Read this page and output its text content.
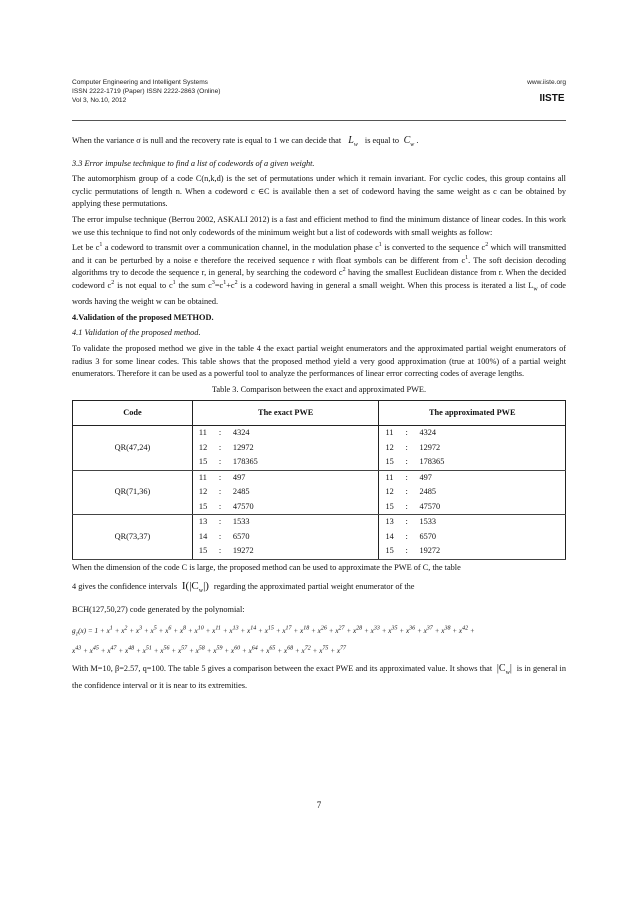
Computer Engineering and Intelligent Systems
ISSN 2222-1719 (Paper) ISSN 2222-2863 (Online)
Vol 3, No.10, 2012
www.iiste.org
IISTE

When the variance σ is null and the recovery rate is equal to 1 we can decide that   $L_w$ is equal to  $C_w$ .

3.3 Error impulse technique to find a list of codewords of a given weight.

The automorphism group of a code C(n,k,d) is the set of permutations under which it remain invariant. For cyclic codes, this group contains all cyclic permutations of length n. When a codeword c ∈C is available then a set of codeword having the same weight as c can be obtained by applying these permutations.

The error impulse technique (Berrou 2002, ASKALI 2012) is a fast and efficient method to find the minimum distance of linear codes. In this work we use this technique to find not only codewords of the minimum weight but a list of codewords with small weights as follow:

Let be $c^1$ a codeword to transmit over a communication channel, in the modulation phase $c^1$ is converted to the sequence $c^2$ which will transmitted and it can be perturbed by a noise e therefore the received sequence r with float symbols can be different from $c^1$. The soft decision decoding algorithms try to decode the sequence r, in general, by searching the codeword $c^2$ having the smallest Euclidean distance from r. When the decided codeword $c^2$ is not equal to $c^1$ the sum $c^3=c^1+c^2$ is a codeword having in general a small weight. When this process is iterated a list $L_w$ of code words having the weight w can be obtained.

4.Validation of the proposed METHOD.

4.1 Validation of the proposed method.

To validate the proposed method we give in the table 4 the exact partial weight enumerators and the approximated partial weight enumerators of radius 3 for some linear codes. This table shows that the proposed method yield a very good approximation (true at 100%) of a partial weight enumerators. Therefore it can be used as a powerful tool to analyze the performances of linear error correcting codes of average lengths.

Table 3. Comparison between the exact and approximated PWE.

Code	The exact PWE	The approximated PWE
QR(47,24)	11 : 4324	11 : 4324

	12 : 12972	12 : 12972

	15 : 178365	15 : 178365

QR(71,36)	11 : 497	11 : 497

	12 : 2485	12 : 2485

	15 : 47570	15 : 47570

QR(73,37)	13 : 1533	13 : 1533

	14 : 6570	14 : 6570

	15 : 19272	15 : 19272

When the dimension of the code C is large, the proposed method can be used to approximate the PWE of C, the table

4 gives the confidence intervals  $I(|C_w|)$  regarding the approximated partial weight enumerator of the

BCH(127,50,27) code generated by the polynomial:

$g_1(x) = 1 + x^1 + x^2 + x^3 + x^5 + x^6 + x^8 + x^{10} + x^{11} + x^{13} + x^{14} + x^{15} + x^{17} + x^{18} + x^{26} + x^{27} + x^{28} + x^{33} + x^{35} + x^{36} + x^{37} + x^{38} + x^{42}$ +
$x^{43} + x^{45} + x^{47} + x^{48} + x^{51} + x^{56} + x^{57} + x^{58} + x^{59} + x^{60} + x^{64} + x^{65} + x^{68} + x^{72} + x^{75} + x^{77}$

With M=10, β=2.57, q=100. The table 5 gives a comparison between the exact PWE and its approximated value. It shows that  $|C_w|$  is in general in the confidence interval or it is near to its extremities.

7
